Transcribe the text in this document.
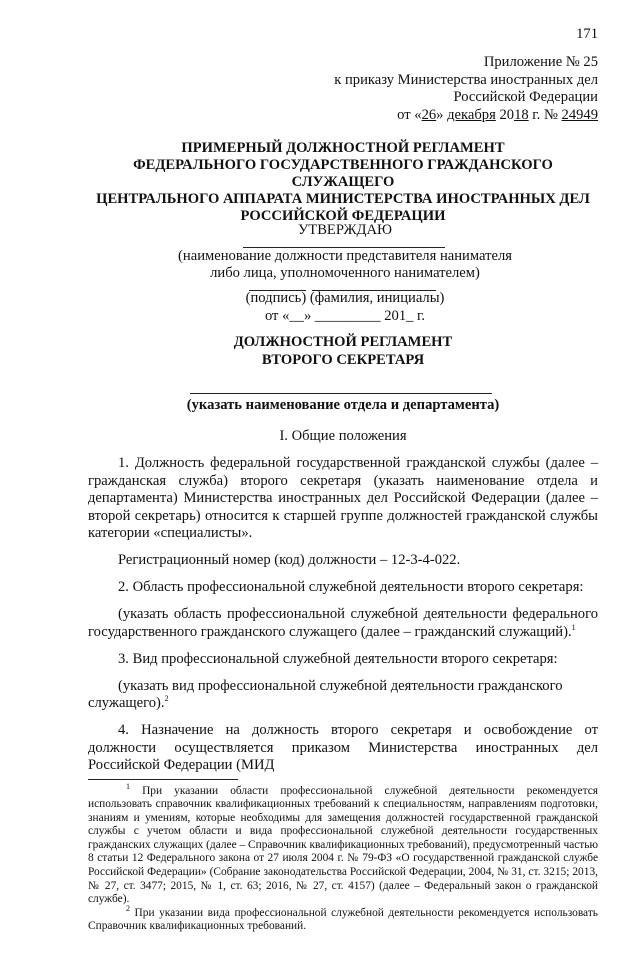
171
Приложение № 25
к приказу Министерства иностранных дел
Российской Федерации
от «26» декабря 2018 г. № 24949
ПРИМЕРНЫЙ ДОЛЖНОСТНОЙ РЕГЛАМЕНТ
ФЕДЕРАЛЬНОГО ГОСУДАРСТВЕННОГО ГРАЖДАНСКОГО СЛУЖАЩЕГО
ЦЕНТРАЛЬНОГО АППАРАТА МИНИСТЕРСТВА ИНОСТРАННЫХ ДЕЛ
РОССИЙСКОЙ ФЕДЕРАЦИИ
УТВЕРЖДАЮ
(наименование должности представителя нанимателя
либо лица, уполномоченного нанимателем)
(подпись) (фамилия, инициалы)
от «__» _________ 201_ г.
ДОЛЖНОСТНОЙ РЕГЛАМЕНТ
ВТОРОГО СЕКРЕТАРЯ
(указать наименование отдела и департамента)
I. Общие положения
1. Должность федеральной государственной гражданской службы (далее – гражданская служба) второго секретаря (указать наименование отдела и департамента) Министерства иностранных дел Российской Федерации (далее – второй секретарь) относится к старшей группе должностей гражданской службы категории «специалисты».
Регистрационный номер (код) должности – 12-3-4-022.
2. Область профессиональной служебной деятельности второго секретаря:
(указать область профессиональной служебной деятельности федерального государственного гражданского служащего (далее – гражданский служащий).$^1$
3. Вид профессиональной служебной деятельности второго секретаря:
(указать вид профессиональной служебной деятельности гражданского служащего).$^2$
4. Назначение на должность второго секретаря и освобождение от должности осуществляется приказом Министерства иностранных дел Российской Федерации (МИД
$^1$ При указании области профессиональной служебной деятельности рекомендуется использовать справочник квалификационных требований к специальностям, направлениям подготовки, знаниям и умениям, которые необходимы для замещения должностей государственной гражданской службы с учетом области и вида профессиональной служебной деятельности государственных гражданских служащих (далее – Справочник квалификационных требований), предусмотренный частью 8 статьи 12 Федерального закона от 27 июля 2004 г. № 79-ФЗ «О государственной гражданской службе Российской Федерации» (Собрание законодательства Российской Федерации, 2004, № 31, ст. 3215; 2013, № 27, ст. 3477; 2015, № 1, ст. 63; 2016, № 27, ст. 4157) (далее – Федеральный закон о гражданской службе).
$^2$ При указании вида профессиональной служебной деятельности рекомендуется использовать Справочник квалификационных требований.
